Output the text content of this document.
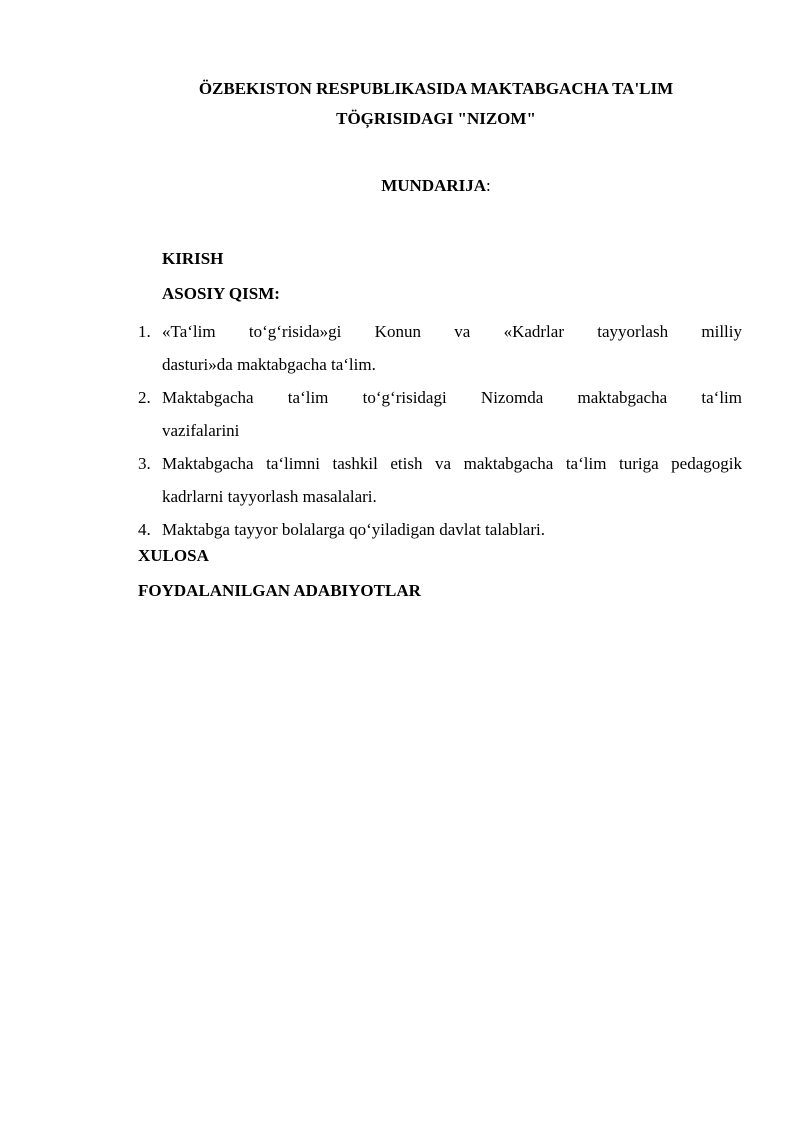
ÖZBEKISTON RESPUBLIKASIDA MAKTABGACHA TA'LIM
TÖĢRISIDAGI "NIZOM"
MUNDARIJA:
KIRISH
ASOSIY QISM:
1. «Ta‘lim to‘g‘risida»gi Konun va «Kadrlar tayyorlash milliy
dasturi»da maktabgacha ta‘lim.
2. Maktabgacha ta‘lim to‘g‘risidagi Nizomda maktabgacha ta‘lim
vazifalarini
3. Maktabgacha ta‘limni tashkil etish va maktabgacha ta‘lim turiga pedagogik
kadrlarni tayyorlash masalalari.
4. Maktabga tayyor bolalarga qo‘yiladigan davlat talablari.
XULOSA
FOYDALANILGAN ADABIYOTLAR
